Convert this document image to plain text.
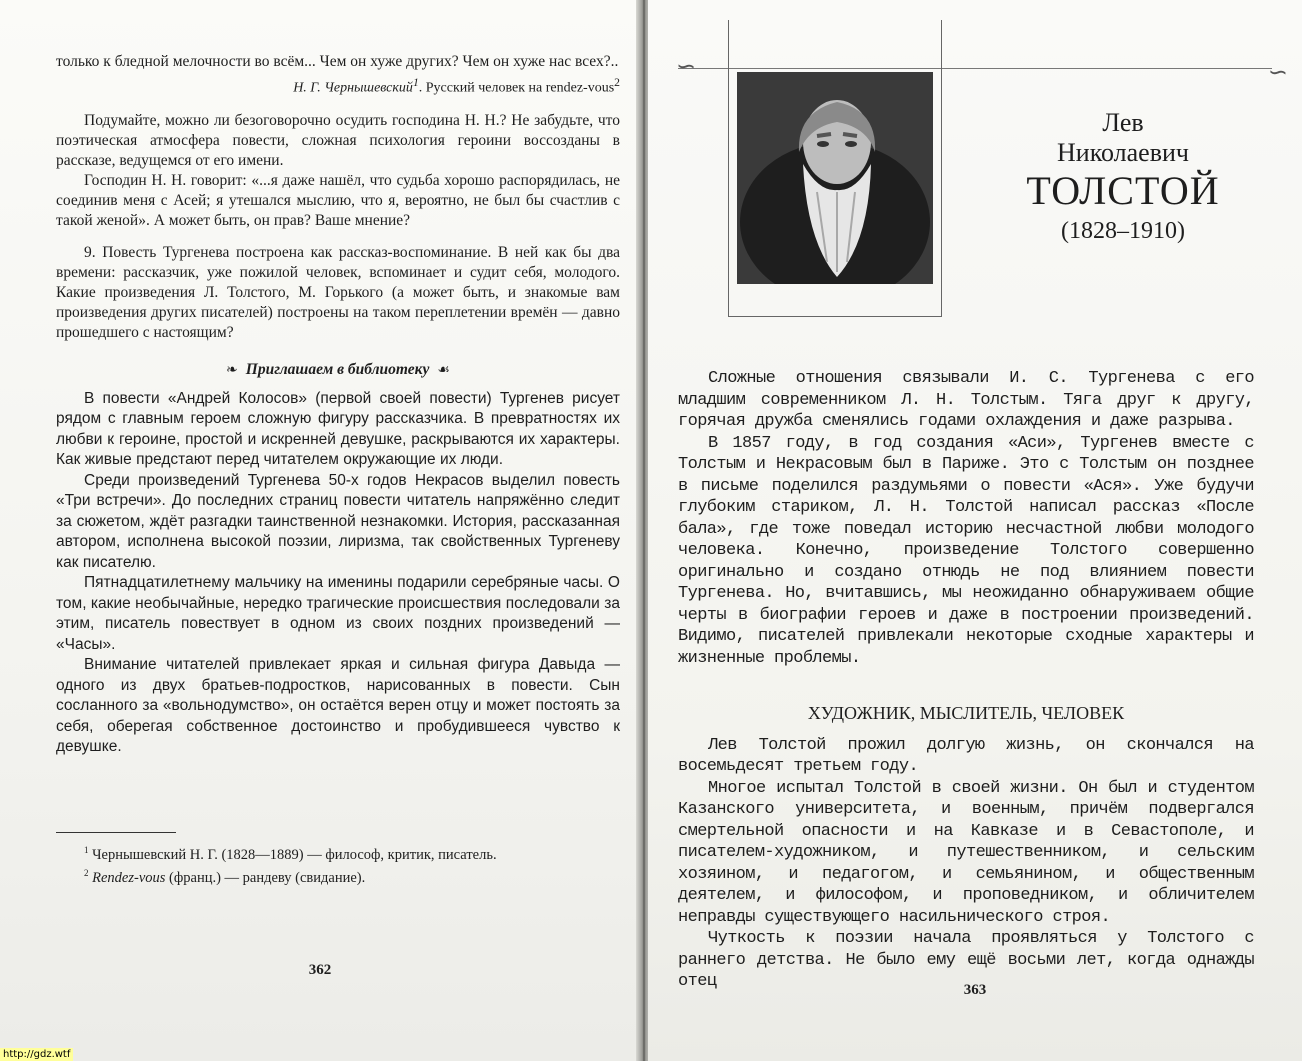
только к бледной мелочности во всём... Чем он хуже других? Чем он хуже нас всех?..

Н. Г. Чернышевский$^1$. Русский человек на rendez-vous$^2$

Подумайте, можно ли безоговорочно осудить господина Н. Н.? Не забудьте, что поэтическая атмосфера повести, сложная психология героини воссозданы в рассказе, ведущемся от его имени.

Господин Н. Н. говорит: «...я даже нашёл, что судьба хорошо распорядилась, не соединив меня с Асей; я утешался мыслию, что я, вероятно, не был бы счастлив с такой женой». А может быть, он прав? Ваше мнение?

9. Повесть Тургенева построена как рассказ-воспоминание. В ней как бы два времени: рассказчик, уже пожилой человек, вспоминает и судит себя, молодого. Какие произведения Л. Толстого, М. Горького (а может быть, и знакомые вам произведения других писателей) построены на таком переплетении времён — давно прошедшего с настоящим?

❧ Приглашаем в библиотеку ☙

В повести «Андрей Колосов» (первой своей повести) Тургенев рисует рядом с главным героем сложную фигуру рассказчика. В превратностях их любви к героине, простой и искренней девушке, раскрываются их характеры. Как живые предстают перед читателем окружающие их люди.

Среди произведений Тургенева 50-х годов Некрасов выделил повесть «Три встречи». До последних страниц повести читатель напряжённо следит за сюжетом, ждёт разгадки таинственной незнакомки. История, рассказанная автором, исполнена высокой поэзии, лиризма, так свойственных Тургеневу как писателю.

Пятнадцатилетнему мальчику на именины подарили серебряные часы. О том, какие необычайные, нередко трагические происшествия последовали за этим, писатель повествует в одном из своих поздних произведений — «Часы».

Внимание читателей привлекает яркая и сильная фигура Давыда — одного из двух братьев-подростков, нарисованных в повести. Сын сосланного за «вольнодумство», он остаётся верен отцу и может постоять за себя, оберегая собственное достоинство и пробудившееся чувство к девушке.

$^1$ Чернышевский Н. Г. (1828—1889) — философ, критик, писатель.

$^2$ Rendez-vous (франц.) — рандеву (свидание).

362
∽	∽
Лев
Николаевич
ТОЛСТОЙ
(1828–1910)

Сложные отношения связывали И. С. Тургенева с его младшим современником Л. Н. Толстым. Тяга друг к другу, горячая дружба сменялись годами охлаждения и даже разрыва.

В 1857 году, в год создания «Аси», Тургенев вместе с Толстым и Некрасовым был в Париже. Это с Толстым он позднее в письме поделился раздумьями о повести «Ася». Уже будучи глубоким стариком, Л. Н. Толстой написал рассказ «После бала», где тоже поведал историю несчастной любви молодого человека. Конечно, произведение Толстого совершенно оригинально и создано отнюдь не под влиянием повести Тургенева. Но, вчитавшись, мы неожиданно обнаруживаем общие черты в биографии героев и даже в построении произведений. Видимо, писателей привлекали некоторые сходные характеры и жизненные проблемы.

ХУДОЖНИК, МЫСЛИТЕЛЬ, ЧЕЛОВЕК

Лев Толстой прожил долгую жизнь, он скончался на восемьдесят третьем году.

Многое испытал Толстой в своей жизни. Он был и студентом Казанского университета, и военным, причём подвергался смертельной опасности и на Кавказе и в Севастополе, и писателем-художником, и путешественником, и сельским хозяином, и педагогом, и семьянином, и общественным деятелем, и философом, и проповедником, и обличителем неправды существующего насильнического строя.

Чуткость к поэзии начала проявляться у Толстого с раннего детства. Не было ему ещё восьми лет, когда однажды отец	363
http://gdz.wtf
